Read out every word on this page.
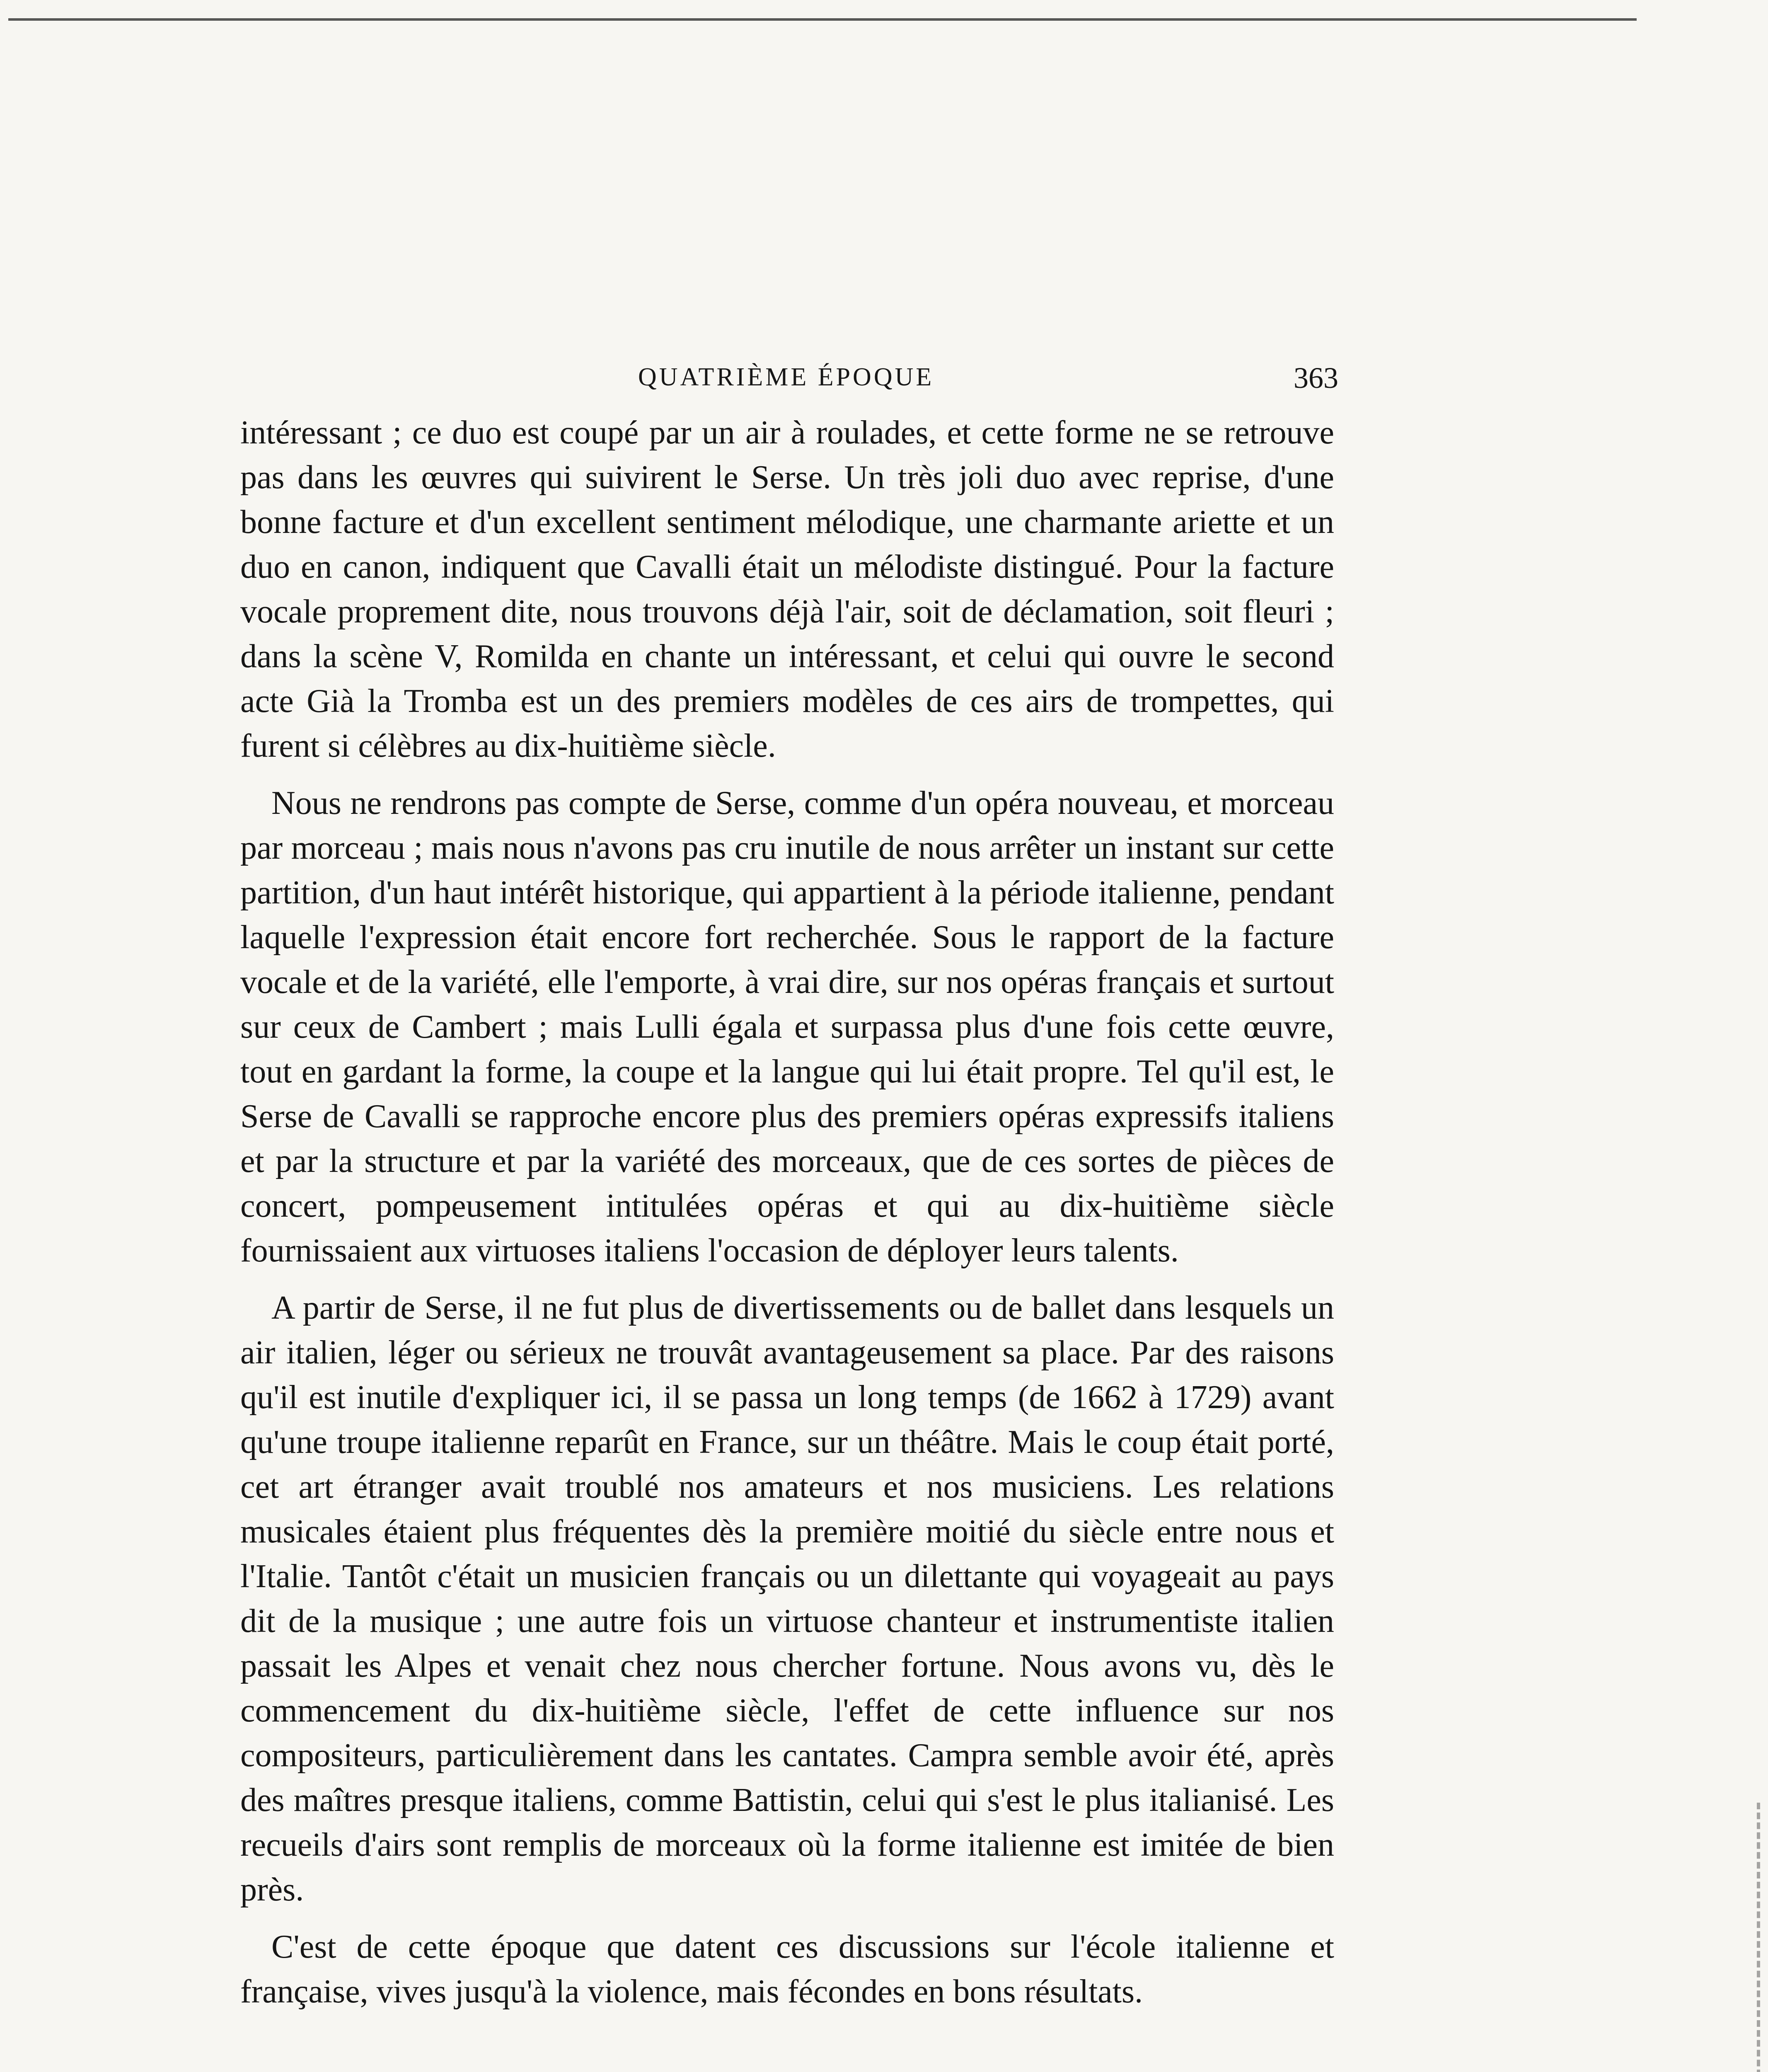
QUATRIÈME ÉPOQUE	363

intéressant ; ce duo est coupé par un air à roulades, et cette forme ne se retrouve pas dans les œuvres qui suivirent le Serse. Un très joli duo avec reprise, d'une bonne facture et d'un excellent sentiment mélodique, une charmante ariette et un duo en canon, indiquent que Cavalli était un mélodiste distingué. Pour la facture vocale proprement dite, nous trouvons déjà l'air, soit de déclamation, soit fleuri ; dans la scène V, Romilda en chante un intéressant, et celui qui ouvre le second acte Già la Tromba est un des premiers modèles de ces airs de trompettes, qui furent si célèbres au dix-huitième siècle.

Nous ne rendrons pas compte de Serse, comme d'un opéra nouveau, et morceau par morceau ; mais nous n'avons pas cru inutile de nous arrêter un instant sur cette partition, d'un haut intérêt historique, qui appartient à la période italienne, pendant laquelle l'expression était encore fort recherchée. Sous le rapport de la facture vocale et de la variété, elle l'emporte, à vrai dire, sur nos opéras français et surtout sur ceux de Cambert ; mais Lulli égala et surpassa plus d'une fois cette œuvre, tout en gardant la forme, la coupe et la langue qui lui était propre. Tel qu'il est, le Serse de Cavalli se rapproche encore plus des premiers opéras expressifs italiens et par la structure et par la variété des morceaux, que de ces sortes de pièces de concert, pompeusement intitulées opéras et qui au dix-huitième siècle fournissaient aux virtuoses italiens l'occasion de déployer leurs talents.

A partir de Serse, il ne fut plus de divertissements ou de ballet dans lesquels un air italien, léger ou sérieux ne trouvât avantageusement sa place. Par des raisons qu'il est inutile d'expliquer ici, il se passa un long temps (de 1662 à 1729) avant qu'une troupe italienne reparût en France, sur un théâtre. Mais le coup était porté, cet art étranger avait troublé nos amateurs et nos musiciens. Les relations musicales étaient plus fréquentes dès la première moitié du siècle entre nous et l'Italie. Tantôt c'était un musicien français ou un dilettante qui voyageait au pays dit de la musique ; une autre fois un virtuose chanteur et instrumentiste italien passait les Alpes et venait chez nous chercher fortune. Nous avons vu, dès le commencement du dix-huitième siècle, l'effet de cette influence sur nos compositeurs, particulièrement dans les cantates. Campra semble avoir été, après des maîtres presque italiens, comme Battistin, celui qui s'est le plus italianisé. Les recueils d'airs sont remplis de morceaux où la forme italienne est imitée de bien près.

C'est de cette époque que datent ces discussions sur l'école italienne et française, vives jusqu'à la violence, mais fécondes en bons résultats.
